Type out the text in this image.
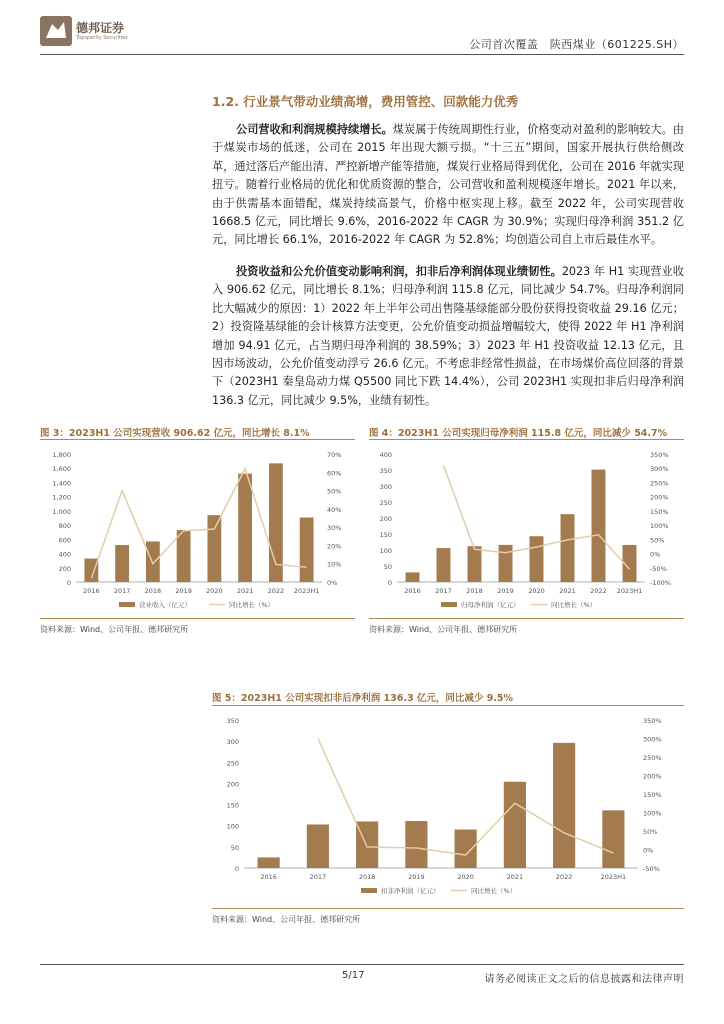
德邦证券
Topsperity Securities	公司首次覆盖　陕西煤业（601225.SH）
1.2. 行业景气带动业绩高增，费用管控、回款能力优秀
公司营收和利润规模持续增长。煤炭属于传统周期性行业，价格变动对盈利的影响较大。由于煤炭市场的低迷，公司在 2015 年出现大额亏损。“十三五”期间，国家开展执行供给侧改革，通过落后产能出清、严控新增产能等措施，煤炭行业格局得到优化，公司在 2016 年就实现扭亏。随着行业格局的优化和优质资源的整合，公司营收和盈利规模逐年增长。2021 年以来，由于供需基本面错配，煤炭持续高景气，价格中枢实现上移。截至 2022 年，公司实现营收 1668.5 亿元，同比增长 9.6%，2016-2022 年 CAGR 为 30.9%；实现归母净利润 351.2 亿元，同比增长 66.1%，2016-2022 年 CAGR 为 52.8%；均创造公司自上市后最佳水平。
投资收益和公允价值变动影响利润，扣非后净利润体现业绩韧性。2023 年 H1 实现营业收入 906.62 亿元，同比增长 8.1%；归母净利润 115.8 亿元，同比减少 54.7%。归母净利润同比大幅减少的原因：1）2022 年上半年公司出售隆基绿能部分股份获得投资收益 29.16 亿元；2）投资隆基绿能的会计核算方法变更，公允价值变动损益增幅较大，使得 2022 年 H1 净利润增加 94.91 亿元，占当期归母净利润的 38.59%；3）2023 年 H1 投资收益 12.13 亿元，且因市场波动，公允价值变动浮亏 26.6 亿元。不考虑非经常性损益，在市场煤价高位回落的背景下（2023H1 秦皇岛动力煤 Q5500 同比下跌 14.4%），公司 2023H1 实现扣非后归母净利润 136.3 亿元，同比减少 9.5%，业绩有韧性。
图 3：2023H1 公司实现营收 906.62 亿元，同比增长 8.1%
0
200
400
600
800
1,000
1,200
1,400
1,600
1,800
0%
10%
20%
30%
40%
50%
60%
70%
2016 2017 2018 2019 2020 2021 2022 2023H1
营业收入（亿元）	同比增长（%）
资料来源：Wind、公司年报、德邦研究所
图 4：2023H1 公司实现归母净利润 115.8 亿元，同比减少 54.7%
0
50
100
150
200
250
300
350
400
-100%
-50%
0%
50%
100%
150%
200%
250%
300%
350%
2016 2017 2018 2019 2020 2021 2022 2023H1
归母净利润（亿元）	同比增长（%）
资料来源：Wind、公司年报、德邦研究所
图 5：2023H1 公司实现扣非后净利润 136.3 亿元，同比减少 9.5%
0
50
100
150
200
250
300
350
-50%
0%
50%
100%
150%
200%
250%
300%
350%
2016	2017	2018	2019	2020	2021	2022	2023H1
扣非净利润（亿元）	同比增长（%）
资料来源：Wind、公司年报、德邦研究所
5/17	请务必阅读正文之后的信息披露和法律声明
